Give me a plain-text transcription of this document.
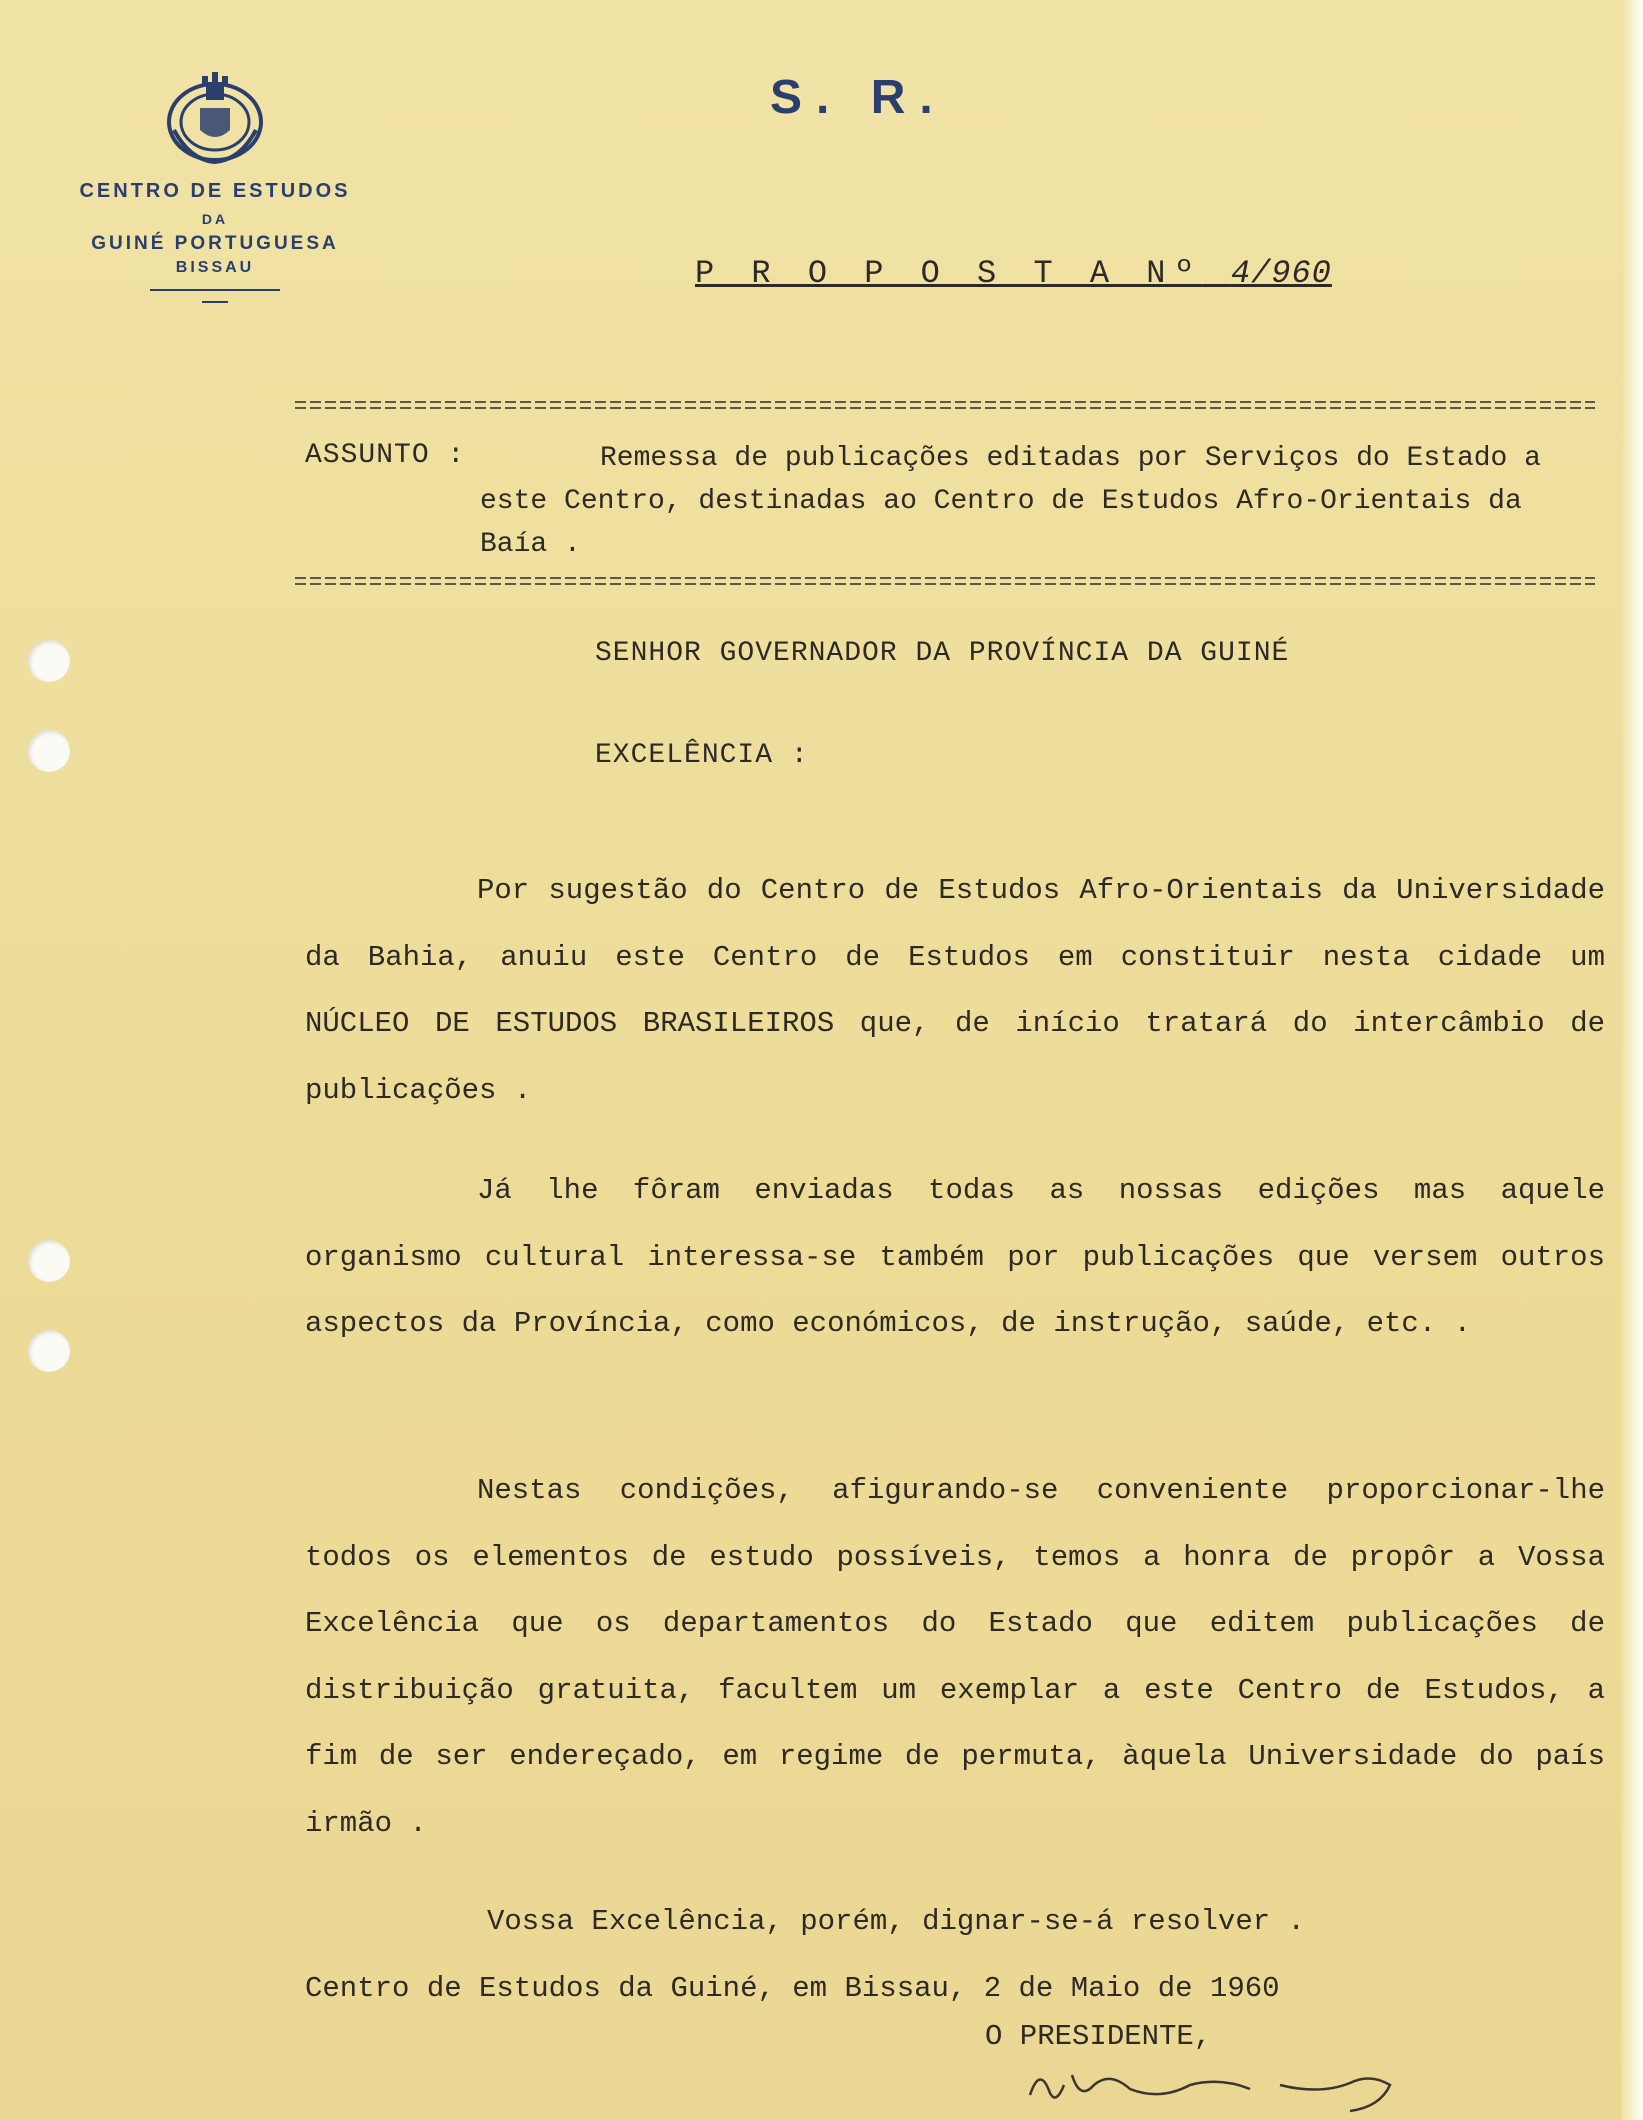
CENTRO DE ESTUDOS
DA
GUINÉ PORTUGUESA
BISSAU
S. R.
P R O P O S T A Nº 4/960
ASSUNTO :	Remessa de publicações editadas por Serviços do Estado a este Centro, destinadas ao Centro de Estudos Afro-Orientais da Baía .
SENHOR GOVERNADOR DA PROVÍNCIA DA GUINÉ
EXCELÊNCIA :
Por sugestão do Centro de Estudos Afro-Orientais da Universidade da Bahia, anuiu este Centro de Estudos em constituir nesta cidade um NÚCLEO DE ESTUDOS BRASILEIROS que, de início tratará do intercâmbio de publicações .
Já lhe fôram enviadas todas as nossas edições mas aquele organismo cultural interessa-se também por publicações que versem outros aspectos da Província, como económicos, de instrução, saúde, etc. .
Nestas condições, afigurando-se conveniente proporcionar-lhe todos os elementos de estudo possíveis, temos a honra de propôr a Vossa Excelência que os departamentos do Estado que editem publicações de distribuição gratuita, facultem um exemplar a este Centro de Estudos, a fim de ser endereçado, em regime de permuta, àquela Universidade do país irmão .
Vossa Excelência, porém, dignar-se-á resolver .
Centro de Estudos da Guiné, em Bissau, 2 de Maio de 1960
O PRESIDENTE,
